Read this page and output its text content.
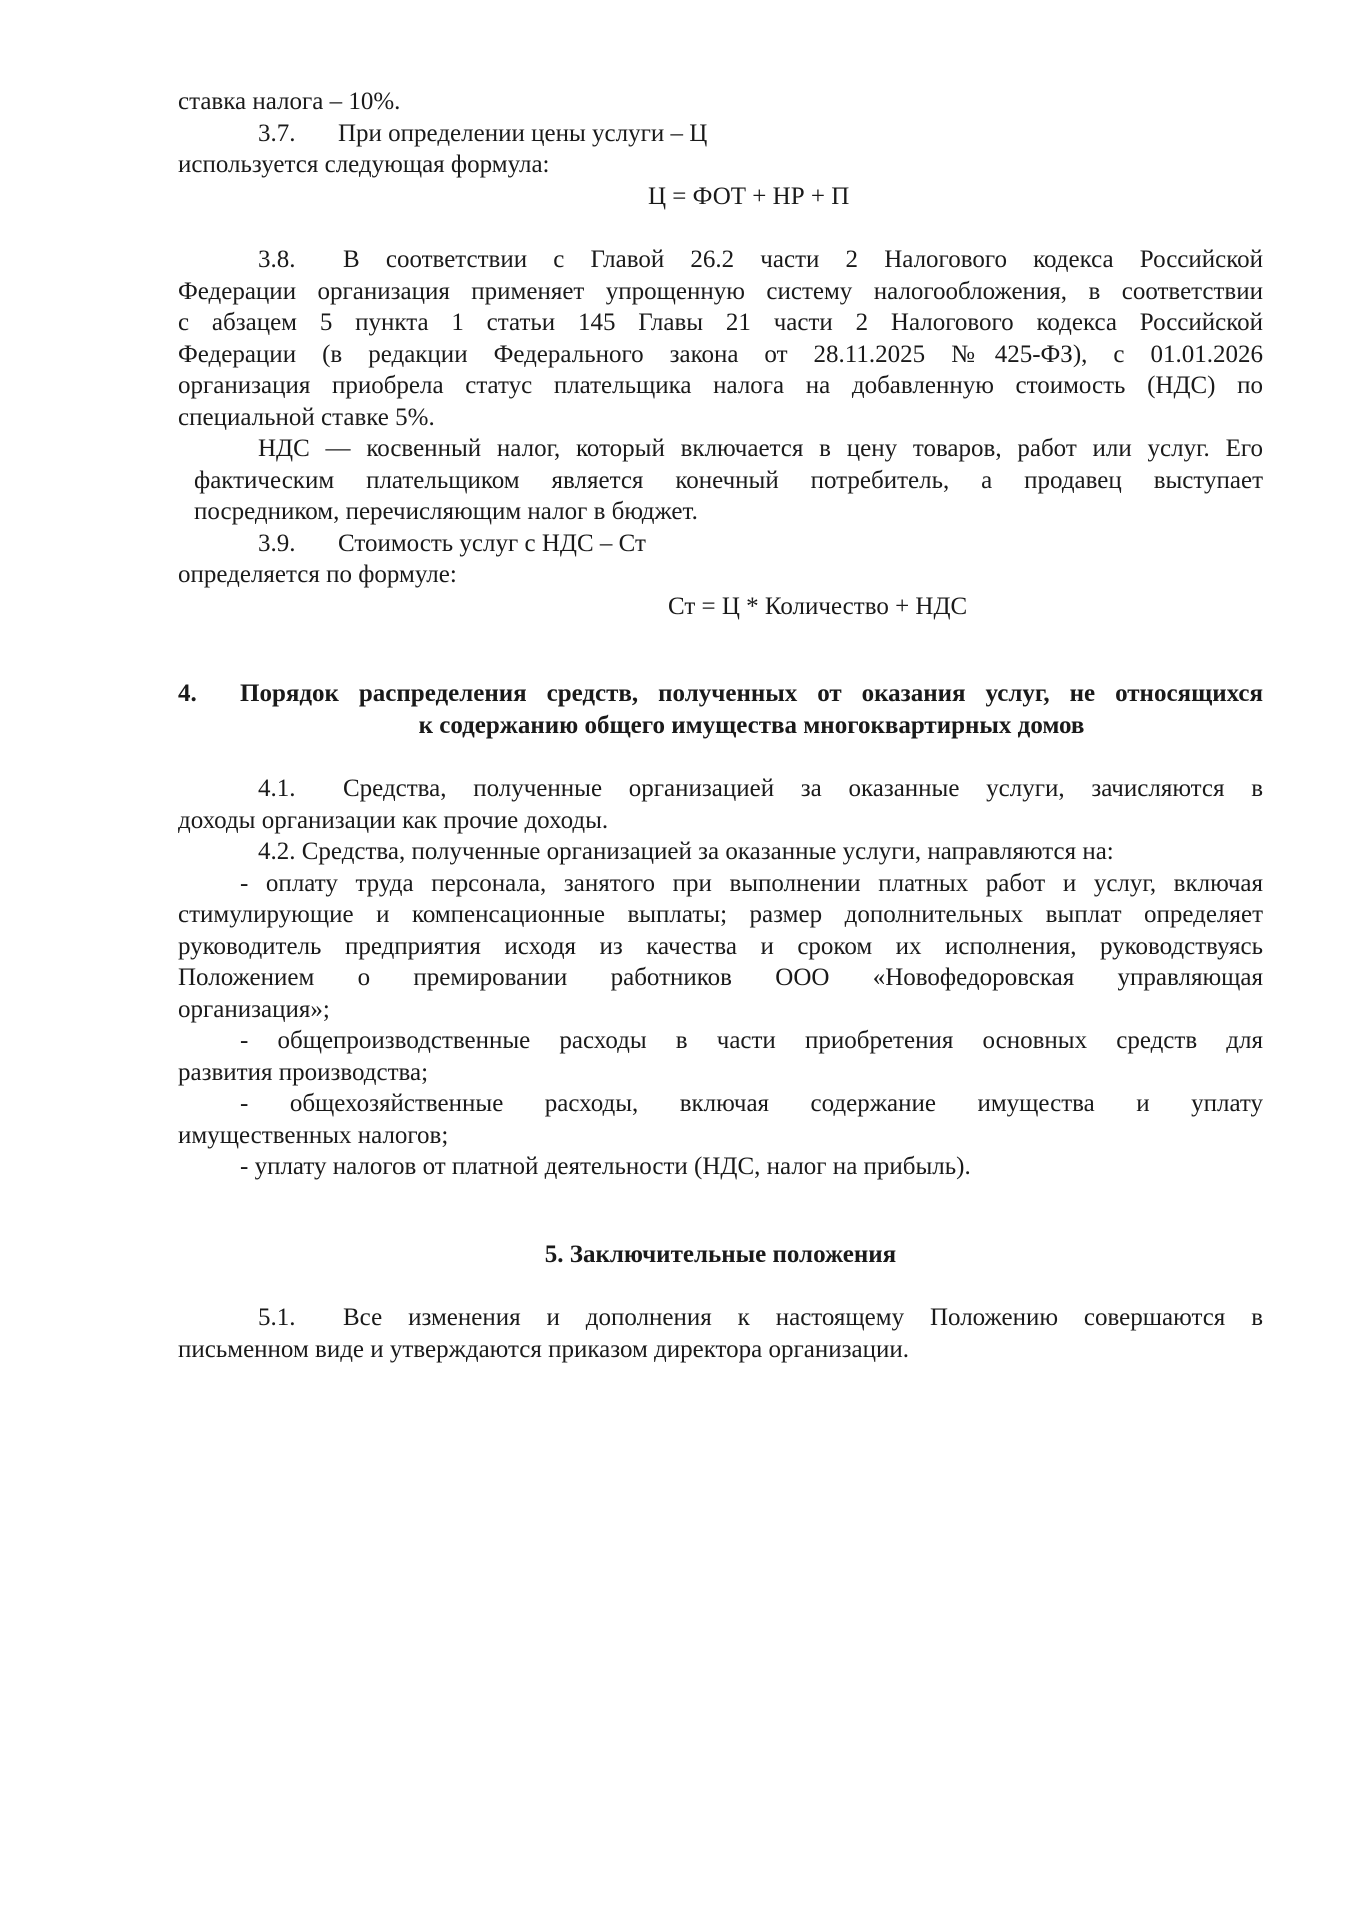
ставка налога – 10%.
3.7. При определении цены услуги – Ц
используется следующая формула:
Ц = ФОТ + НР + П
3.8. В соответствии с Главой 26.2 части 2 Налогового кодекса Российской
Федерации организация применяет упрощенную систему налогообложения, в соответствии
с абзацем 5 пункта 1 статьи 145 Главы 21 части 2 Налогового кодекса Российской
Федерации (в редакции Федерального закона от 28.11.2025 №425-ФЗ), с 01.01.2026
организация приобрела статус плательщика налога на добавленную стоимость (НДС) по
специальной ставке 5%.
НДС — косвенный налог, который включается в цену товаров, работ или услуг. Его
фактическим плательщиком является конечный потребитель, а продавец выступает
посредником, перечисляющим налог в бюджет.
3.9. Стоимость услуг с НДС – Ст
определяется по формуле:
Ст = Ц * Количество + НДС
4.	Порядок распределения средств, полученных от оказания услуг, не относящихся
к содержанию общего имущества многоквартирных домов
4.1. Средства, полученные организацией за оказанные услуги, зачисляются в
доходы организации как прочие доходы.
4.2. Средства, полученные организацией за оказанные услуги, направляются на:
- оплату труда персонала, занятого при выполнении платных работ и услуг, включая
стимулирующие и компенсационные выплаты; размер дополнительных выплат определяет
руководитель предприятия исходя из качества и сроком их исполнения, руководствуясь
Положением о премировании работников ООО «Новофедоровская управляющая
организация»;
- общепроизводственные расходы в части приобретения основных средств для
развития производства;
- общехозяйственные расходы, включая содержание имущества и уплату
имущественных налогов;
- уплату налогов от платной деятельности (НДС, налог на прибыль).
5. Заключительные положения
5.1. Все изменения и дополнения к настоящему Положению совершаются в
письменном виде и утверждаются приказом директора организации.
